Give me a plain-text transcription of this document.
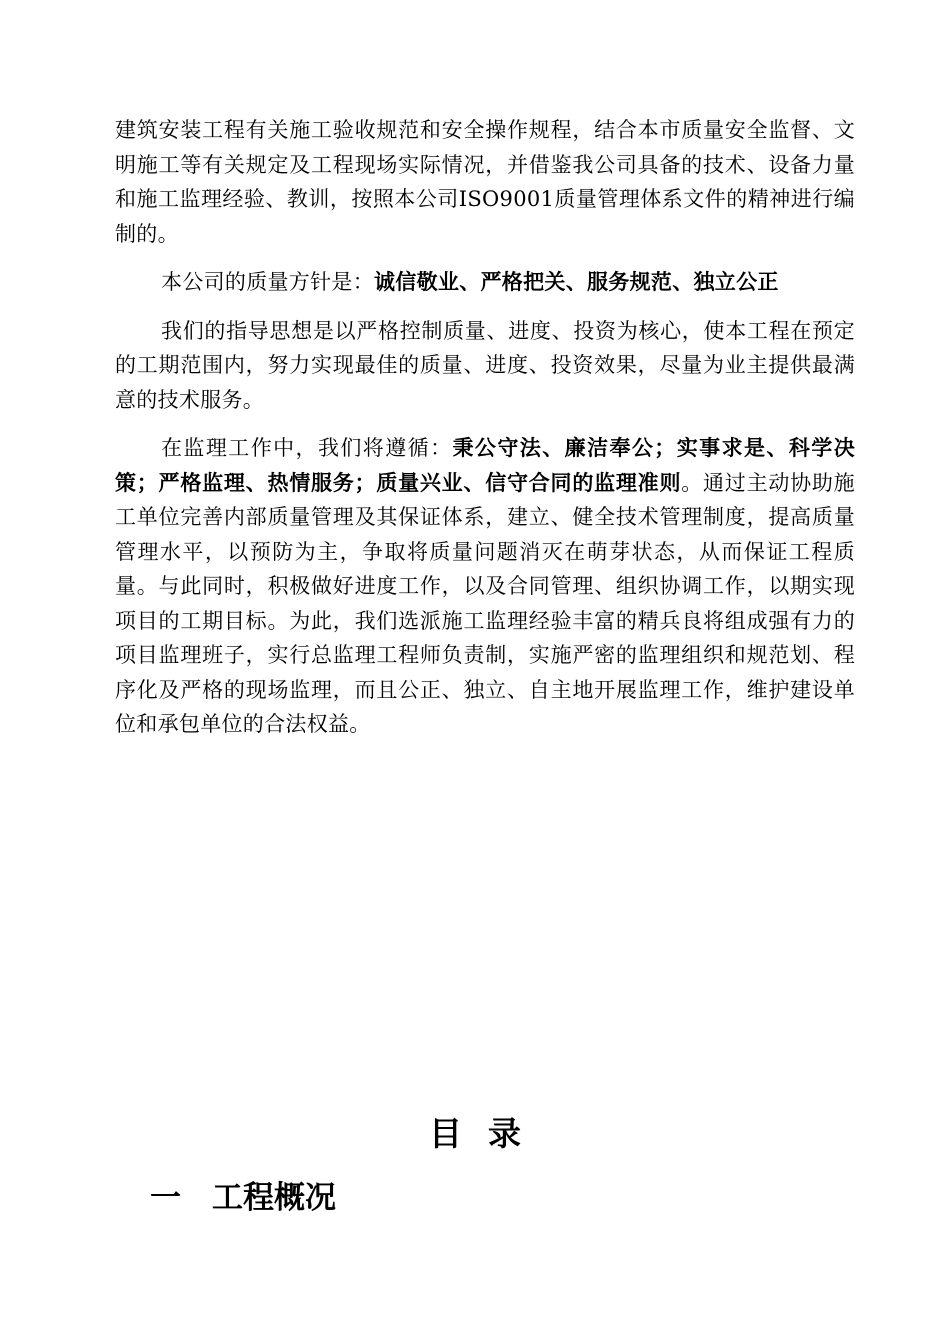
建筑安装工程有关施工验收规范和安全操作规程，结合本市质量安全监督、文明施工等有关规定及工程现场实际情况，并借鉴我公司具备的技术、设备力量和施工监理经验、教训，按照本公司ISO9001质量管理体系文件的精神进行编制的。

本公司的质量方针是：诚信敬业、严格把关、服务规范、独立公正

我们的指导思想是以严格控制质量、进度、投资为核心，使本工程在预定的工期范围内，努力实现最佳的质量、进度、投资效果，尽量为业主提供最满意的技术服务。

在监理工作中，我们将遵循：秉公守法、廉洁奉公；实事求是、科学决策；严格监理、热情服务；质量兴业、信守合同的监理准则。通过主动协助施工单位完善内部质量管理及其保证体系，建立、健全技术管理制度，提高质量管理水平，以预防为主，争取将质量问题消灭在萌芽状态，从而保证工程质量。与此同时，积极做好进度工作，以及合同管理、组织协调工作，以期实现项目的工期目标。为此，我们选派施工监理经验丰富的精兵良将组成强有力的项目监理班子，实行总监理工程师负责制，实施严密的监理组织和规范划、程序化及严格的现场监理，而且公正、独立、自主地开展监理工作，维护建设单位和承包单位的合法权益。

目录
一 工程概况
